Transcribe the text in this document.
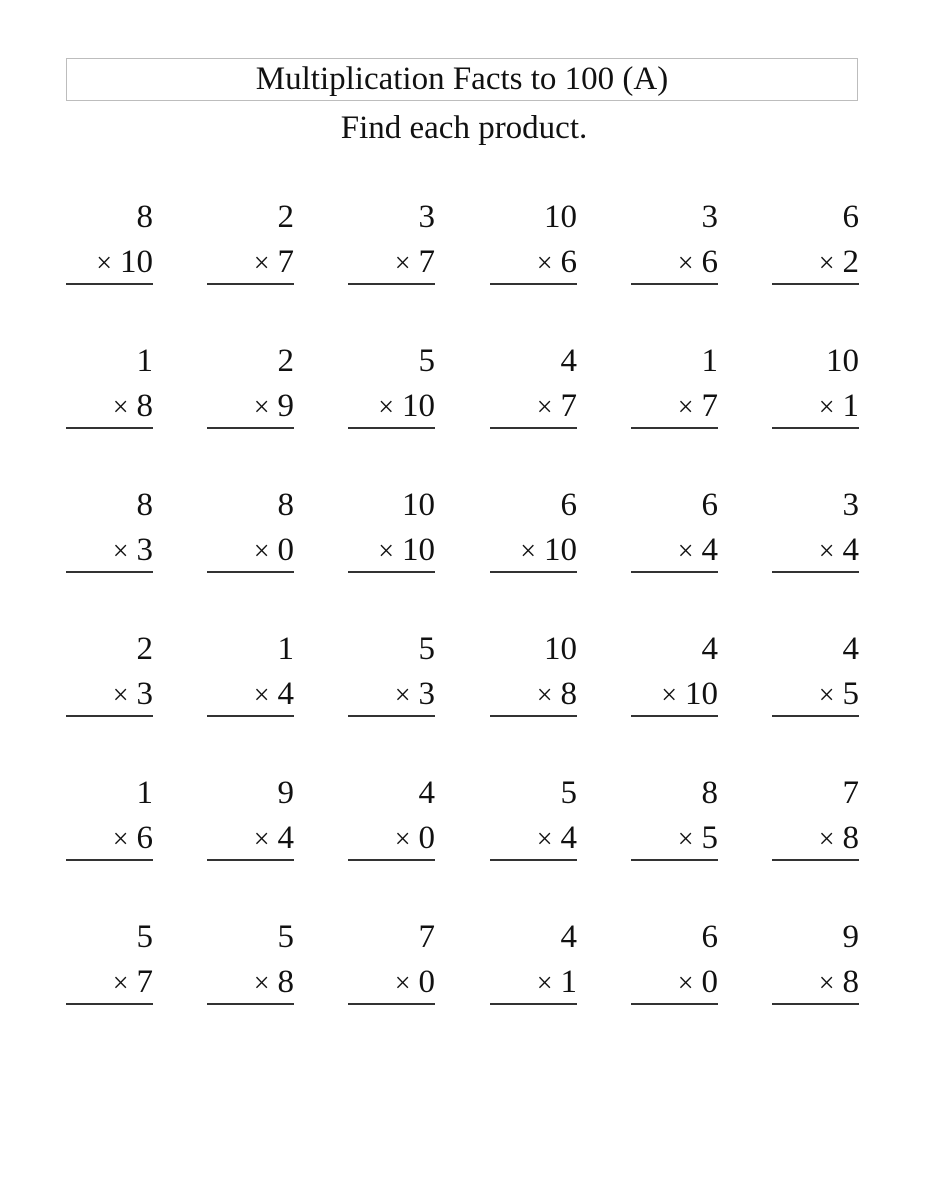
Multiplication Facts to 100 (A)
Find each product.
8
× 10
2
× 7
3
× 7
10
× 6
3
× 6
6
× 2
1
× 8
2
× 9
5
× 10
4
× 7
1
× 7
10
× 1
8
× 3
8
× 0
10
× 10
6
× 10
6
× 4
3
× 4
2
× 3
1
× 4
5
× 3
10
× 8
4
× 10
4
× 5
1
× 6
9
× 4
4
× 0
5
× 4
8
× 5
7
× 8
5
× 7
5
× 8
7
× 0
4
× 1
6
× 0
9
× 8
